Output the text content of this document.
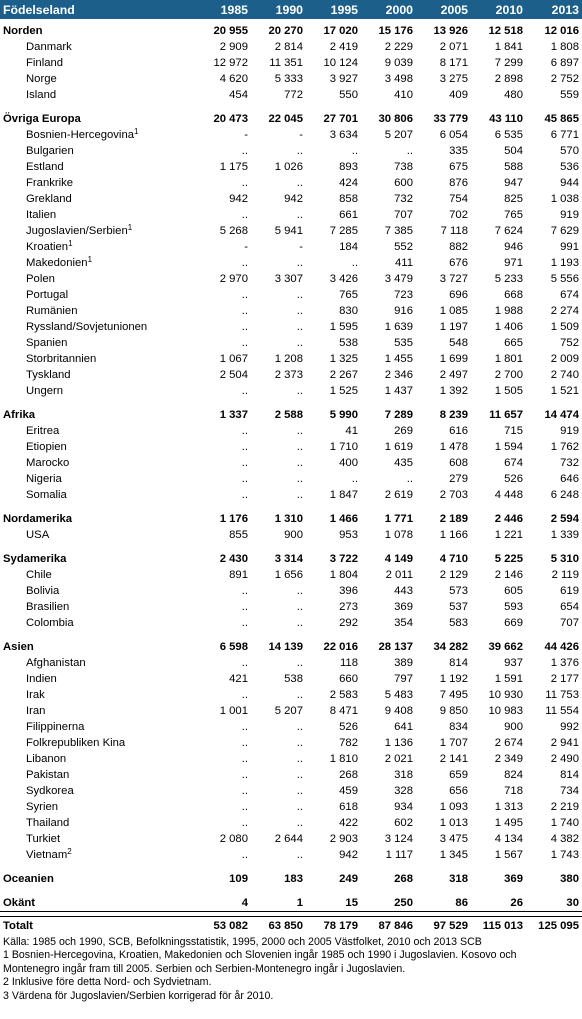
Födelseland	1985	1990	1995	2000	2005	2010	2013

Norden	20 955	20 270	17 020	15 176	13 926	12 518	12 016
Danmark	2 909	2 814	2 419	2 229	2 071	1 841	1 808
Finland	12 972	11 351	10 124	9 039	8 171	7 299	6 897
Norge	4 620	5 333	3 927	3 498	3 275	2 898	2 752
Island	454	772	550	410	409	480	559

Övriga Europa	20 473	22 045	27 701	30 806	33 779	43 110	45 865
Bosnien-Hercegovina$^1$	-	-	3 634	5 207	6 054	6 535	6 771
Bulgarien	..	..	..	..	335	504	570
Estland	1 175	1 026	893	738	675	588	536
Frankrike	..	..	424	600	876	947	944
Grekland	942	942	858	732	754	825	1 038
Italien	..	..	661	707	702	765	919
Jugoslavien/Serbien$^1$	5 268	5 941	7 285	7 385	7 118	7 624	7 629
Kroatien$^1$	-	-	184	552	882	946	991
Makedonien$^1$	..	..	..	411	676	971	1 193
Polen	2 970	3 307	3 426	3 479	3 727	5 233	5 556
Portugal	..	..	765	723	696	668	674
Rumänien	..	..	830	916	1 085	1 988	2 274
Ryssland/Sovjetunionen	..	..	1 595	1 639	1 197	1 406	1 509
Spanien	..	..	538	535	548	665	752
Storbritannien	1 067	1 208	1 325	1 455	1 699	1 801	2 009
Tyskland	2 504	2 373	2 267	2 346	2 497	2 700	2 740
Ungern	..	..	1 525	1 437	1 392	1 505	1 521

Afrika	1 337	2 588	5 990	7 289	8 239	11 657	14 474
Eritrea	..	..	41	269	616	715	919
Etiopien	..	..	1 710	1 619	1 478	1 594	1 762
Marocko	..	..	400	435	608	674	732
Nigeria	..	..	..	..	279	526	646
Somalia	..	..	1 847	2 619	2 703	4 448	6 248

Nordamerika	1 176	1 310	1 466	1 771	2 189	2 446	2 594
USA	855	900	953	1 078	1 166	1 221	1 339

Sydamerika	2 430	3 314	3 722	4 149	4 710	5 225	5 310
Chile	891	1 656	1 804	2 011	2 129	2 146	2 119
Bolivia	..	..	396	443	573	605	619
Brasilien	..	..	273	369	537	593	654
Colombia	..	..	292	354	583	669	707

Asien	6 598	14 139	22 016	28 137	34 282	39 662	44 426
Afghanistan	..	..	118	389	814	937	1 376
Indien	421	538	660	797	1 192	1 591	2 177
Irak	..	..	2 583	5 483	7 495	10 930	11 753
Iran	1 001	5 207	8 471	9 408	9 850	10 983	11 554
Filippinerna	..	..	526	641	834	900	992
Folkrepubliken Kina	..	..	782	1 136	1 707	2 674	2 941
Libanon	..	..	1 810	2 021	2 141	2 349	2 490
Pakistan	..	..	268	318	659	824	814
Sydkorea	..	..	459	328	656	718	734
Syrien	..	..	618	934	1 093	1 313	2 219
Thailand	..	..	422	602	1 013	1 495	1 740
Turkiet	2 080	2 644	2 903	3 124	3 475	4 134	4 382
Vietnam$^2$	..	..	942	1 117	1 345	1 567	1 743

Oceanien	109	183	249	268	318	369	380

Okänt	4	1	15	250	86	26	30

Totalt	53 082	63 850	78 179	87 846	97 529	115 013	125 095
Källa: 1985 och 1990, SCB, Befolkningsstatistik, 1995, 2000 och 2005 Västfolket, 2010 och 2013 SCB
1 Bosnien-Hercegovina, Kroatien, Makedonien och Slovenien ingår 1985 och 1990 i Jugoslavien. Kosovo och
Montenegro ingår fram till 2005. Serbien och Serbien-Montenegro ingår i Jugoslavien.
2 Inklusive före detta Nord- och Sydvietnam.
3 Värdena för Jugoslavien/Serbien korrigerad för år 2010.
